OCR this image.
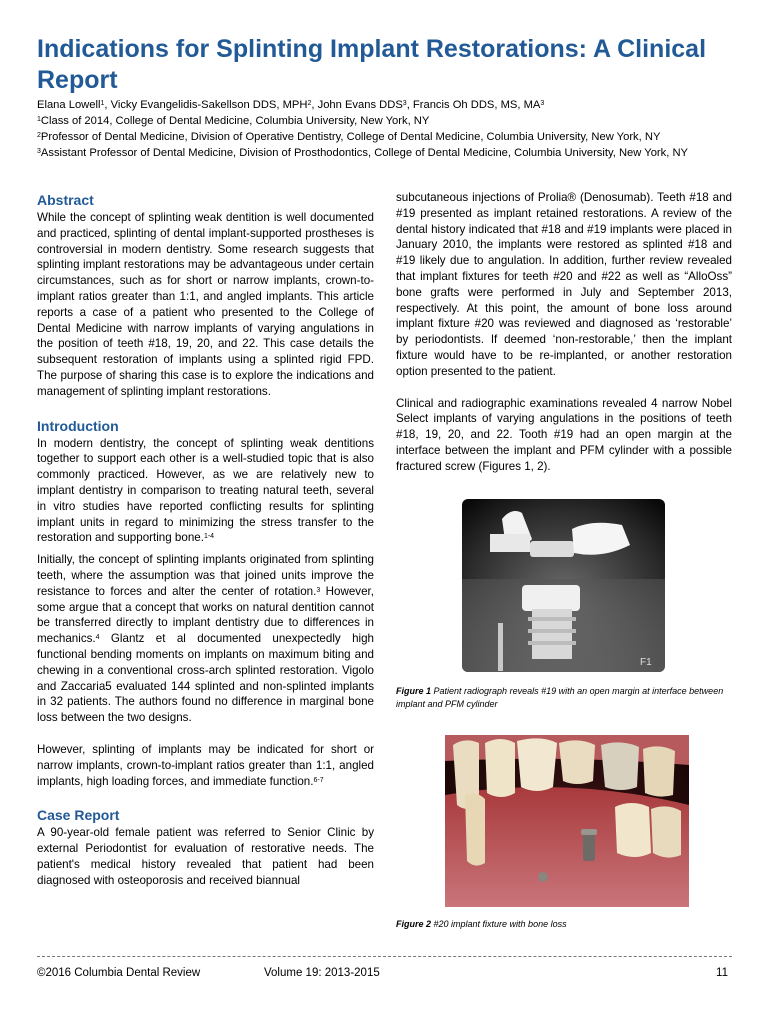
Indications for Splinting Implant Restorations: A Clinical Report
Elana Lowell$^1$, Vicky Evangelidis-Sakellson DDS, MPH$^2$, John Evans DDS$^3$, Francis Oh DDS, MS, $MA^3$
$^1$Class of 2014, College of Dental Medicine, Columbia University, New York, NY
$^2$Professor of Dental Medicine, Division of Operative Dentistry, College of Dental Medicine, Columbia University, New York, NY
$^3$Assistant Professor of Dental Medicine, Division of Prosthodontics, College of Dental Medicine, Columbia University, New York, NY
Abstract

While the concept of splinting weak dentition is well documented and practiced, splinting of dental implant-supported prostheses is controversial in modern dentistry. Some research suggests that splinting implant restorations may be advantageous under certain circumstances, such as for short or narrow implants, crown-to-implant ratios greater than 1:1, and angled implants. This article reports a case of a patient who presented to the College of Dental Medicine with narrow implants of varying angulations in the position of teeth #18, 19, 20, and 22. This case details the subsequent restoration of implants using a splinted rigid FPD. The purpose of sharing this case is to explore the indications and management of splinting implant restorations.

Introduction

In modern dentistry, the concept of splinting weak dentitions together to support each other is a well-studied topic that is also commonly practiced. However, as we are relatively new to implant dentistry in comparison to treating natural teeth, several in vitro studies have reported conflicting results for splinting implant units in regard to minimizing the stress transfer to the restoration and supporting bone.$^{1-4}$

Initially, the concept of splinting implants originated from splinting teeth, where the assumption was that joined units improve the resistance to forces and alter the center of rotation.$^3$ However, some argue that a concept that works on natural dentition cannot be transferred directly to implant dentistry due to differences in mechanics.$^4$ Glantz et al documented unexpectedly high functional bending moments on implants on maximum biting and chewing in a conventional cross-arch splinted restoration. Vigolo and Zaccaria5 evaluated 144 splinted and non-splinted implants in 32 patients. The authors found no difference in marginal bone loss between the two designs.

However, splinting of implants may be indicated for short or narrow implants, crown-to-implant ratios greater than 1:1, angled implants, high loading forces, and immediate function.$^{6-7}$

Case Report

A 90-year-old female patient was referred to Senior Clinic by external Periodontist for evaluation of restorative needs. The patient's medical history revealed that patient had been diagnosed with osteoporosis and received biannual

subcutaneous injections of Prolia® (Denosumab). Teeth #18 and #19 presented as implant retained restorations. A review of the dental history indicated that #18 and #19 implants were placed in January 2010, the implants were restored as splinted #18 and #19 likely due to angulation. In addition, further review revealed that implant fixtures for teeth #20 and #22 as well as “AlloOss” bone grafts were performed in July and September 2013, respectively. At this point, the amount of bone loss around implant fixture #20 was reviewed and diagnosed as ‘restorable’ by periodontists. If deemed ‘non-restorable,’ then the implant fixture would have to be re-implanted, or another restoration option presented to the patient.

Clinical and radiographic examinations revealed 4 narrow Nobel Select implants of varying angulations in the positions of teeth #18, 19, 20, and 22. Tooth #19 had an open margin at the interface between the implant and PFM cylinder with a possible fractured screw (Figures 1, 2).

F1
Figure 1 Patient radiograph reveals #19 with an open margin at interface between implant and PFM cylinder
Figure 2 #20 implant fixture with bone loss
©2016 Columbia Dental Review	Volume 19: 2013-2015	11
